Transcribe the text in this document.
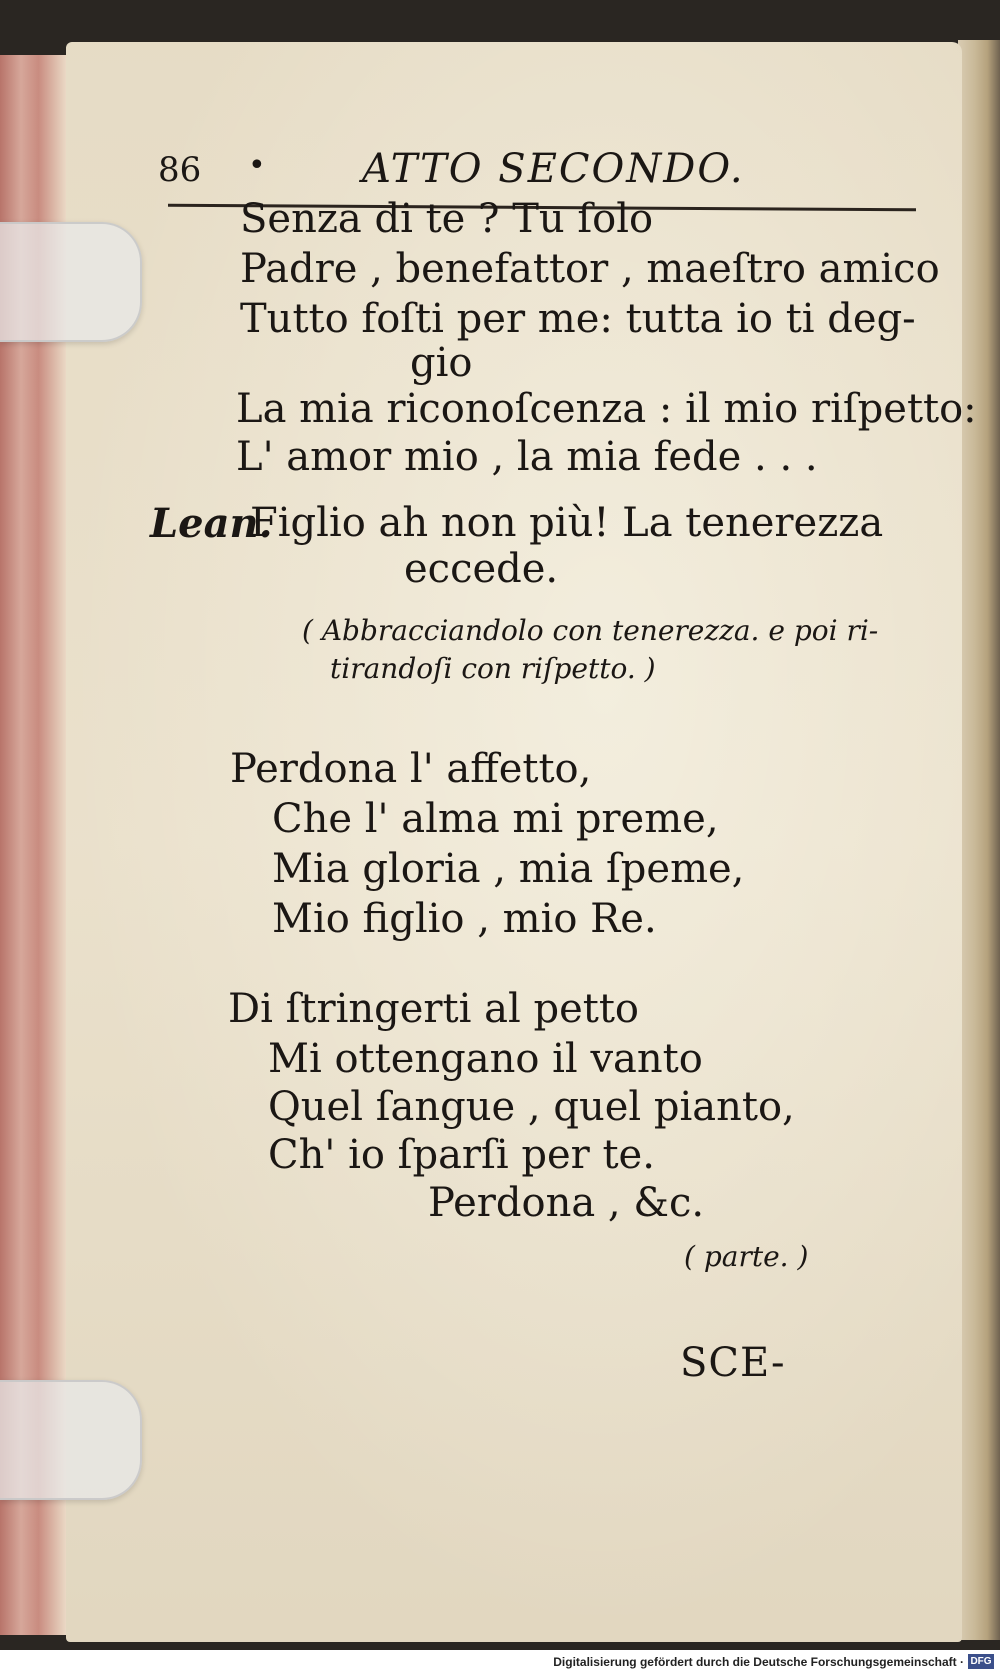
86 • ATTO SECONDO.
Senza di te ? Tu ſolo
Padre , benefattor , maeſtro amico
Tutto foſti per me: tutta io ti deg-
gio
La mia riconoſcenza : il mio riſpetto:
L' amor mio , la mia fede . . .
Lean.
Figlio ah non più! La tenerezza
eccede.
( Abbracciandolo con tenerezza. e poi ri-
tirandoſi con riſpetto. )
Perdona l' affetto,
Che l' alma mi preme,
Mia gloria , mia ſpeme,
Mio figlio , mio Re.
Di ſtringerti al petto
Mi ottengano il vanto
Quel ſangue , quel pianto,
Ch' io ſparſi per te.
Perdona , &c.
( parte. )
SCE-
Digitalisierung gefördert durch die Deutsche Forschungsgemeinschaft · DFG
